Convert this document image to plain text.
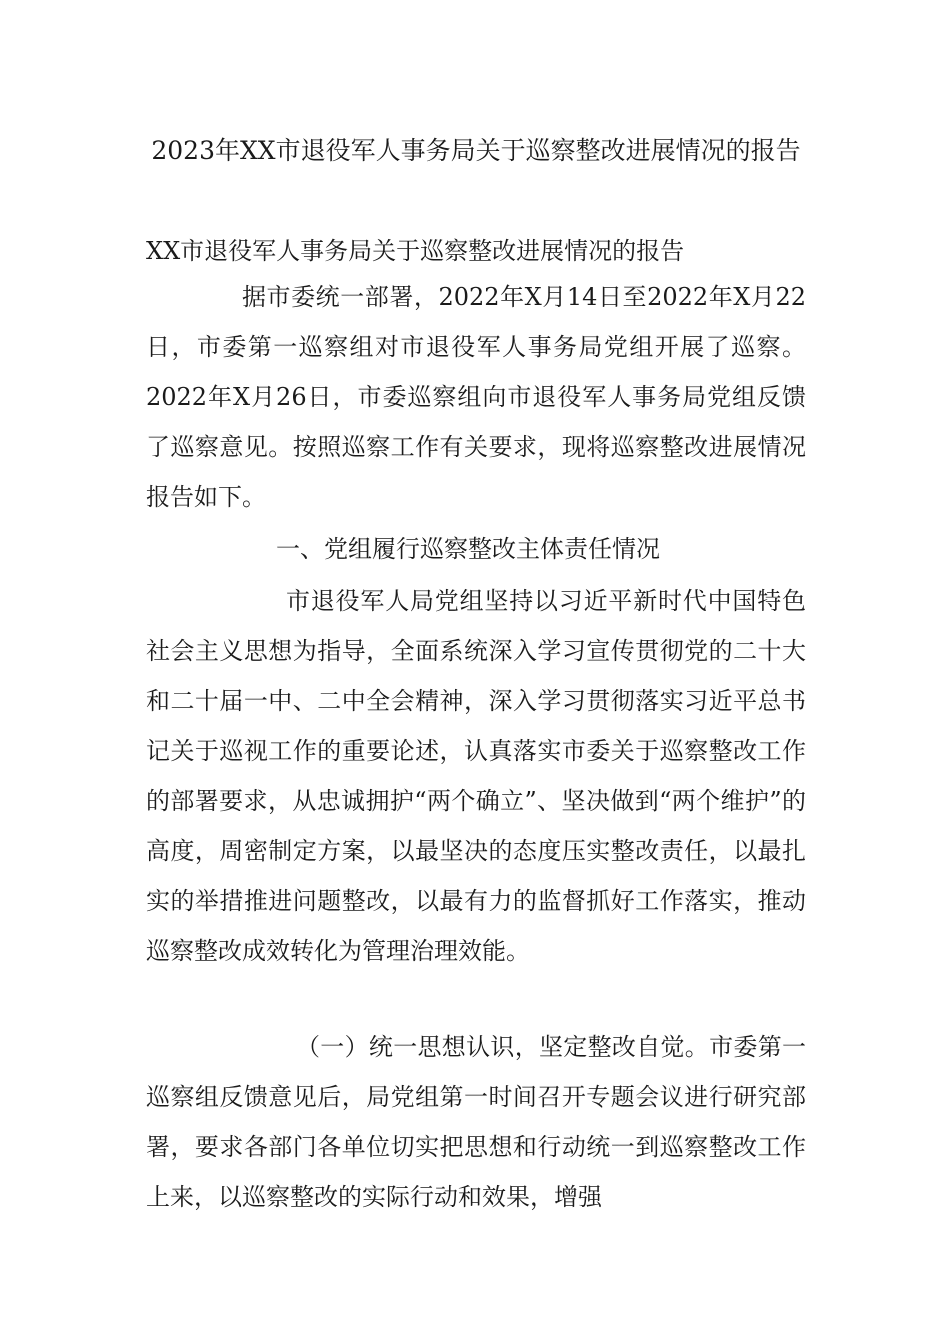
2023年XX市退役军人事务局关于巡察整改进展情况的报告

XX市退役军人事务局关于巡察整改进展情况的报告

据市委统一部署，2022年X月14日至2022年X月22日，市委第一巡察组对市退役军人事务局党组开展了巡察。2022年X月26日，市委巡察组向市退役军人事务局党组反馈了巡察意见。按照巡察工作有关要求，现将巡察整改进展情况报告如下。

一、党组履行巡察整改主体责任情况

市退役军人局党组坚持以习近平新时代中国特色社会主义思想为指导，全面系统深入学习宣传贯彻党的二十大和二十届一中、二中全会精神，深入学习贯彻落实习近平总书记关于巡视工作的重要论述，认真落实市委关于巡察整改工作的部署要求，从忠诚拥护“两个确立”、坚决做到“两个维护”的高度，周密制定方案，以最坚决的态度压实整改责任，以最扎实的举措推进问题整改，以最有力的监督抓好工作落实，推动巡察整改成效转化为管理治理效能。

（一）统一思想认识，坚定整改自觉。市委第一巡察组反馈意见后，局党组第一时间召开专题会议进行研究部署，要求各部门各单位切实把思想和行动统一到巡察整改工作上来，以巡察整改的实际行动和效果，增强
